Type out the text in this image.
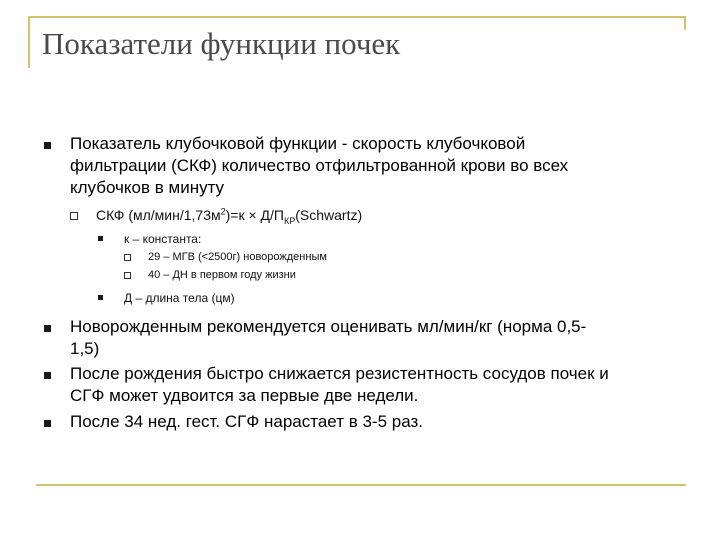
Показатели функции почек
Показатель клубочковой функции - скорость клубочковой
фильтрации (СКФ) количество отфильтрованной крови во всех
клубочков в минуту
СКФ $(мл/мин/1,73м^2)=к$ × $Д/П_{КР}(Schwartz)$
к – константа:
29 – МГВ (<2500г) новорожденным
40 – ДН в первом году жизни
Д – длина тела (цм)
Новорожденным рекомендуется оценивать мл/мин/кг (норма 0,5-
1,5)
После рождения быстро снижается резистентность сосудов почек и
СГФ может удвоится за первые две недели.
После 34 нед. гест. СГФ нарастает в 3-5 раз.
